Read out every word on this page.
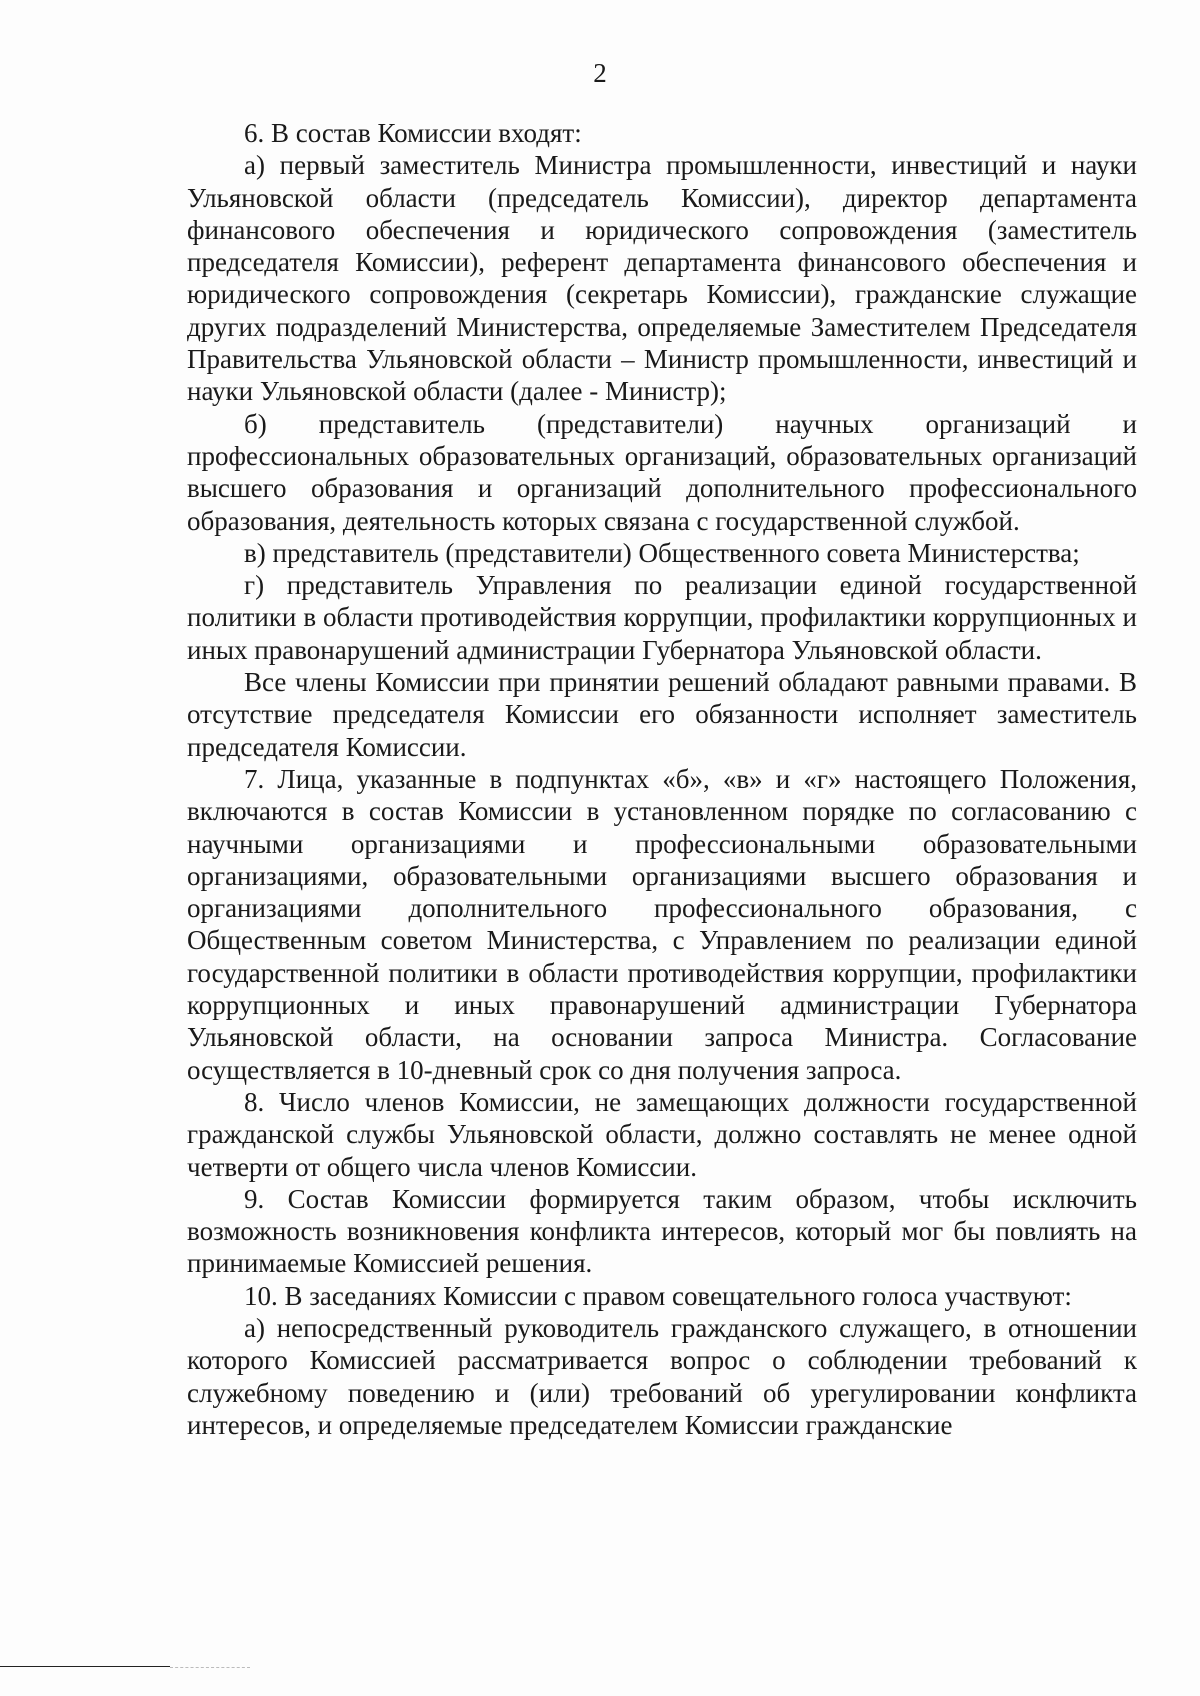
2

6. В состав Комиссии входят:

а) первый заместитель Министра промышленности, инвестиций и науки Ульяновской области (председатель Комиссии), директор департамента финансового обеспечения и юридического сопровождения (заместитель председателя Комиссии), референт департамента финансового обеспечения и юридического сопровождения (секретарь Комиссии), гражданские служащие других подразделений Министерства, определяемые Заместителем Председателя Правительства Ульяновской области – Министр промышленности, инвестиций и науки Ульяновской области (далее - Министр);

б) представитель (представители) научных организаций и профессиональных образовательных организаций, образовательных организаций высшего образования и организаций дополнительного профессионального образования, деятельность которых связана с государственной службой.

в) представитель (представители) Общественного совета Министерства;

г) представитель Управления по реализации единой государственной политики в области противодействия коррупции, профилактики коррупционных и иных правонарушений администрации Губернатора Ульяновской области.

Все члены Комиссии при принятии решений обладают равными правами. В отсутствие председателя Комиссии его обязанности исполняет заместитель председателя Комиссии.

7. Лица, указанные в подпунктах «б», «в» и «г» настоящего Положения, включаются в состав Комиссии в установленном порядке по согласованию с научными организациями и профессиональными образовательными организациями, образовательными организациями высшего образования и организациями дополнительного профессионального образования, с Общественным советом Министерства, с Управлением по реализации единой государственной политики в области противодействия коррупции, профилактики коррупционных и иных правонарушений администрации Губернатора Ульяновской области, на основании запроса Министра. Согласование осуществляется в 10-дневный срок со дня получения запроса.

8. Число членов Комиссии, не замещающих должности государственной гражданской службы Ульяновской области, должно составлять не менее одной четверти от общего числа членов Комиссии.

9. Состав Комиссии формируется таким образом, чтобы исключить возможность возникновения конфликта интересов, который мог бы повлиять на принимаемые Комиссией решения.

10. В заседаниях Комиссии с правом совещательного голоса участвуют:

а) непосредственный руководитель гражданского служащего, в отношении которого Комиссией рассматривается вопрос о соблюдении требований к служебному поведению и (или) требований об урегулировании конфликта интересов, и определяемые председателем Комиссии гражданские
